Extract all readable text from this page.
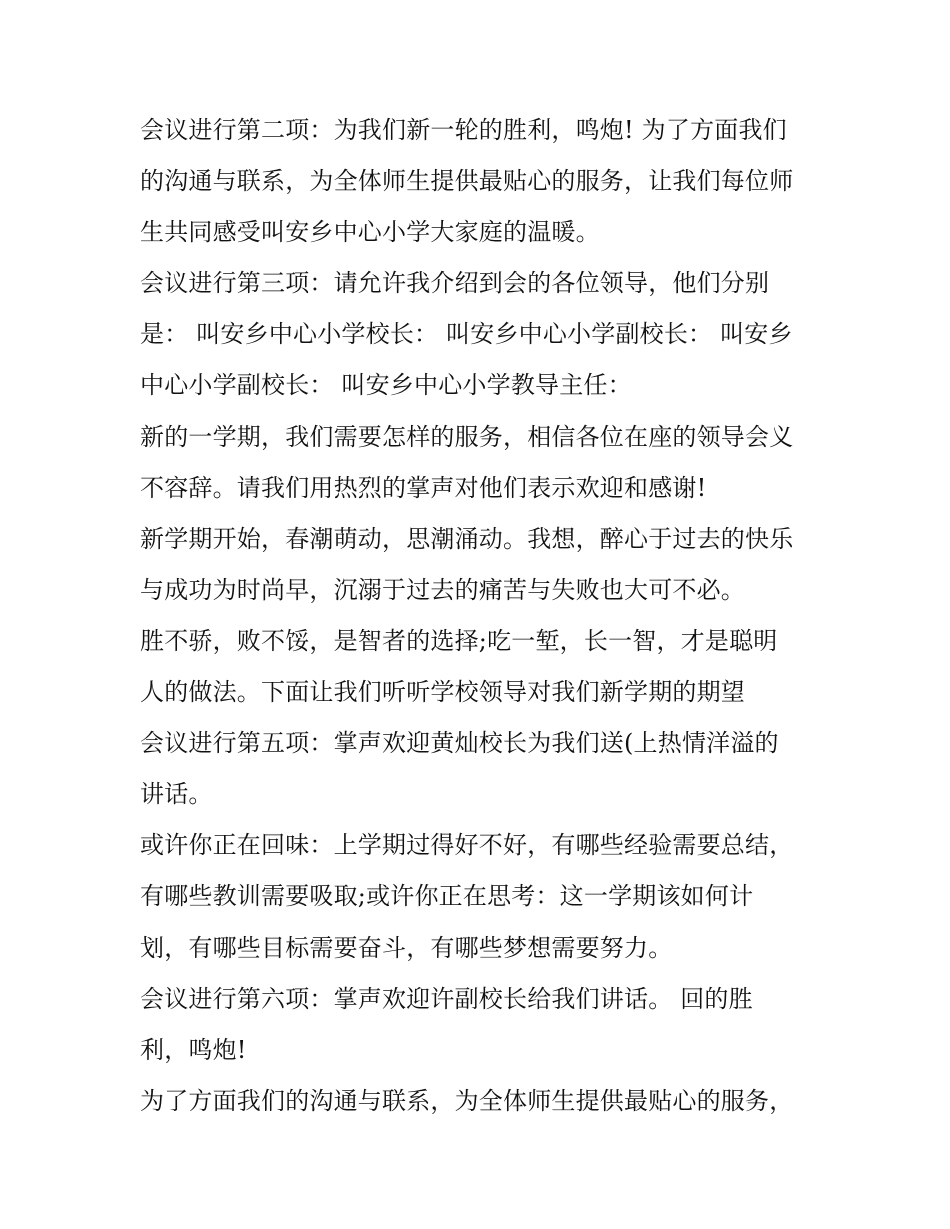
会议进行第二项：为我们新一轮的胜利，鸣炮! 为了方面我们
的沟通与联系，为全体师生提供最贴心的服务，让我们每位师
生共同感受叫安乡中心小学大家庭的温暖。
会议进行第三项：请允许我介绍到会的各位领导，他们分别
是： 叫安乡中心小学校长： 叫安乡中心小学副校长： 叫安乡
中心小学副校长： 叫安乡中心小学教导主任：
新的一学期，我们需要怎样的服务，相信各位在座的领导会义
不容辞。请我们用热烈的掌声对他们表示欢迎和感谢!
新学期开始，春潮萌动，思潮涌动。我想，醉心于过去的快乐
与成功为时尚早，沉溺于过去的痛苦与失败也大可不必。
胜不骄，败不馁，是智者的选择;吃一堑，长一智，才是聪明
人的做法。下面让我们听听学校领导对我们新学期的期望
会议进行第五项：掌声欢迎黄灿校长为我们送(上热情洋溢的
讲话。
或许你正在回味：上学期过得好不好，有哪些经验需要总结，
有哪些教训需要吸取;或许你正在思考：这一学期该如何计
划，有哪些目标需要奋斗，有哪些梦想需要努力。
会议进行第六项：掌声欢迎许副校长给我们讲话。 回的胜
利，鸣炮!
为了方面我们的沟通与联系，为全体师生提供最贴心的服务，
